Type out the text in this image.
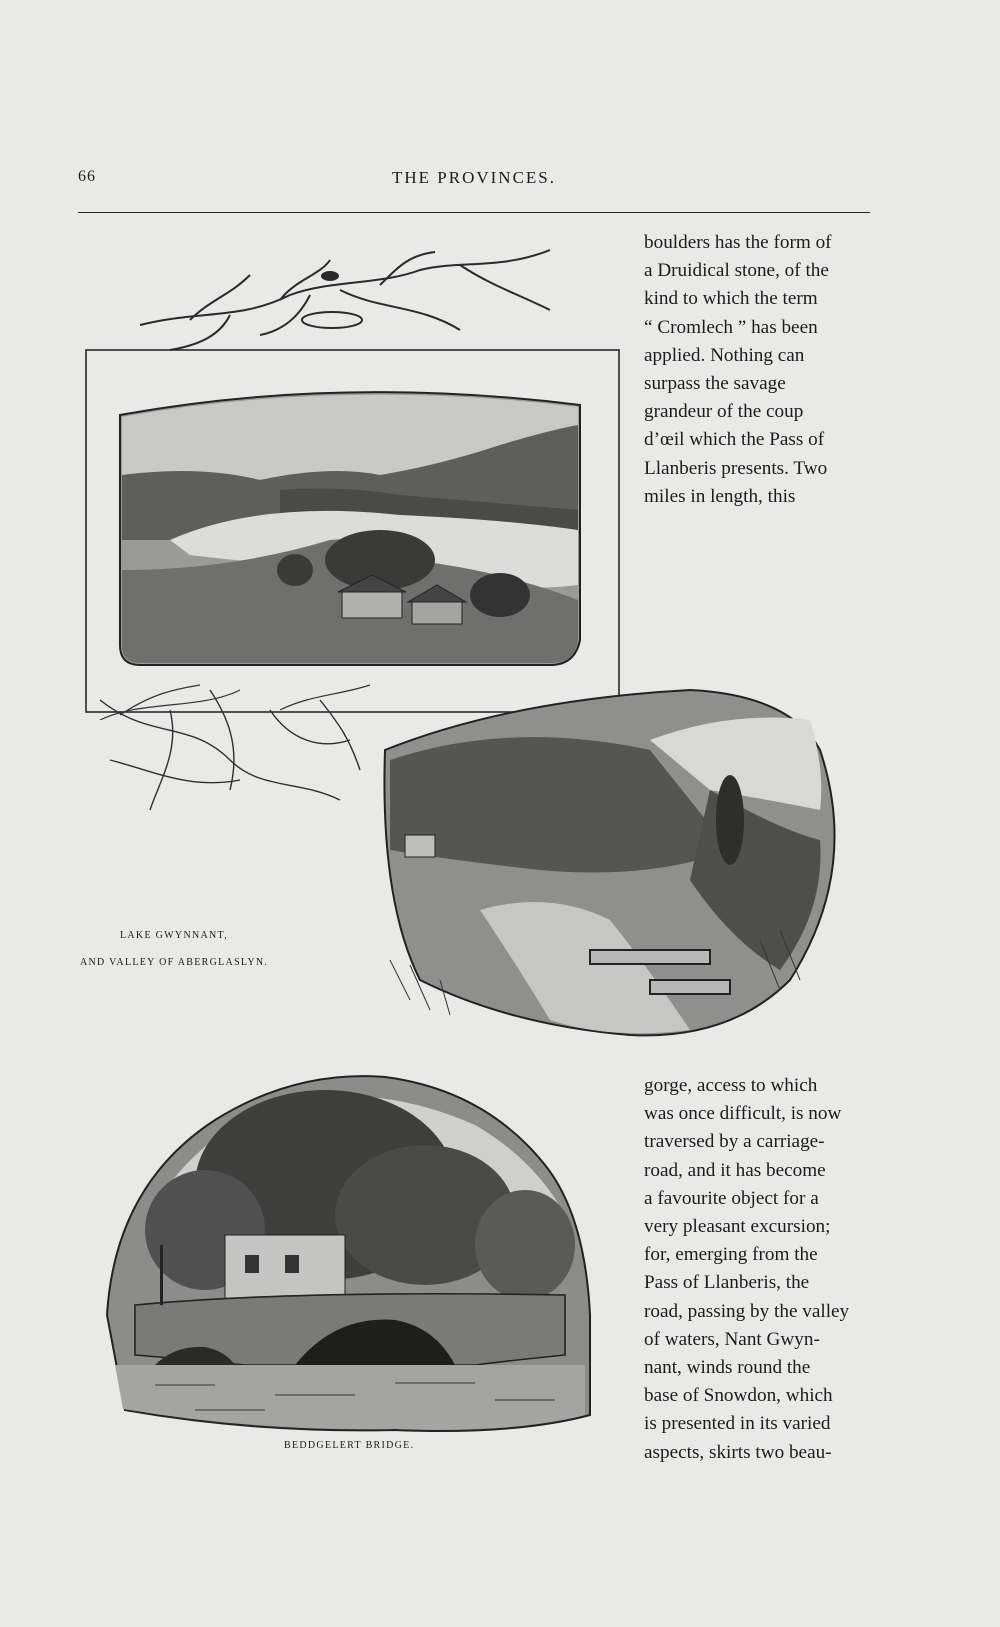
66	THE PROVINCES.

boulders has the form of

a Druidical stone, of the

kind to which the term

“ Cromlech ” has been

applied. Nothing can

surpass the savage

grandeur of the coup

d’œil which the Pass of

Llanberis presents. Two

miles in length, this

gorge, access to which

was once difficult, is now

traversed by a carriage-

road, and it has become

a favourite object for a

very pleasant excursion;

for, emerging from the

Pass of Llanberis, the

road, passing by the valley

of waters, Nant Gwyn-

nant, winds round the

base of Snowdon, which

is presented in its varied

aspects, skirts two beau-

LAKE GWYNNANT,
AND VALLEY OF ABERGLASLYN.
BEDDGELERT BRIDGE.
